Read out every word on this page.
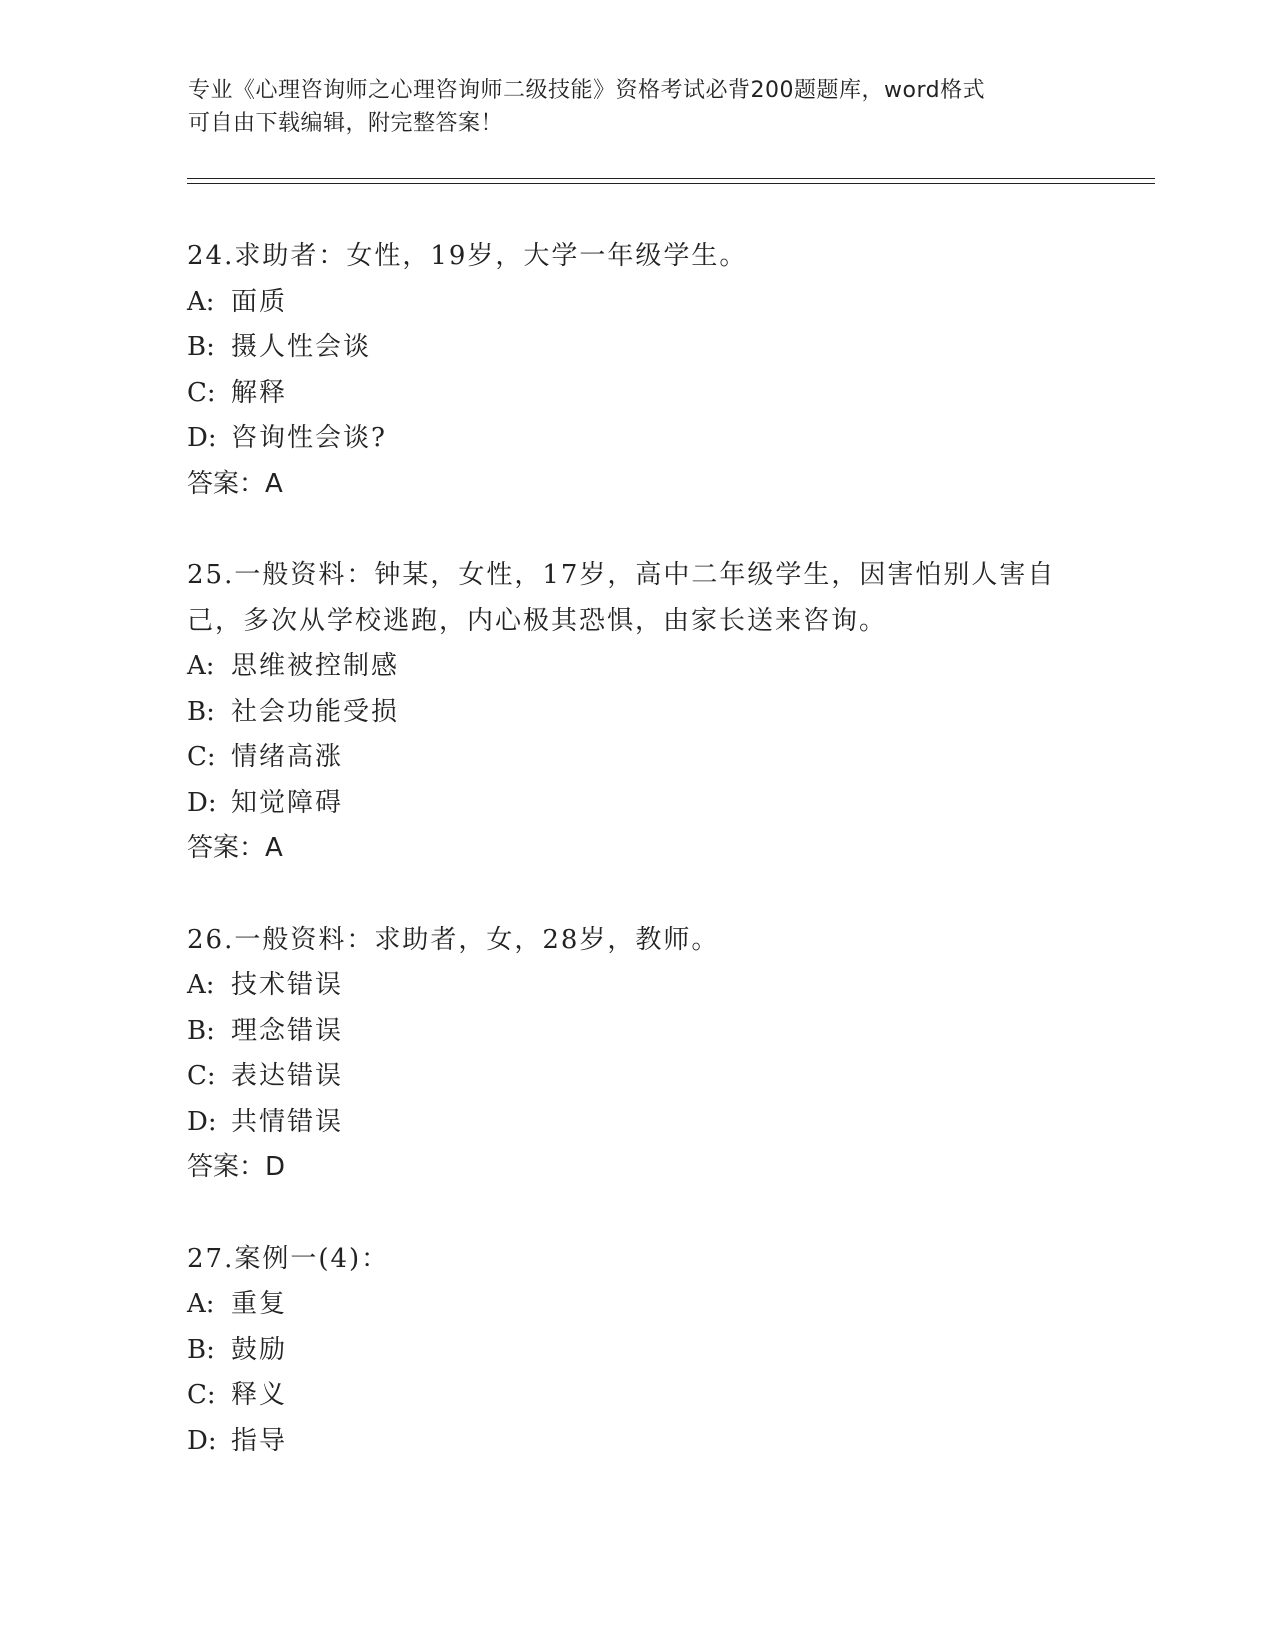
专业《心理咨询师之心理咨询师二级技能》资格考试必背200题题库，word格式
可自由下载编辑，附完整答案！
24.求助者：女性，19岁，大学一年级学生。
A: 面质
B: 摄人性会谈
C: 解释
D: 咨询性会谈?
答案：A
25.一般资料：钟某，女性，17岁，高中二年级学生，因害怕别人害自己，多次从学校逃跑，内心极其恐惧，由家长送来咨询。
A: 思维被控制感
B: 社会功能受损
C: 情绪高涨
D: 知觉障碍
答案：A
26.一般资料：求助者，女，28岁，教师。
A: 技术错误
B: 理念错误
C: 表达错误
D: 共情错误
答案：D
27.案例一(4)：
A: 重复
B: 鼓励
C: 释义
D: 指导
